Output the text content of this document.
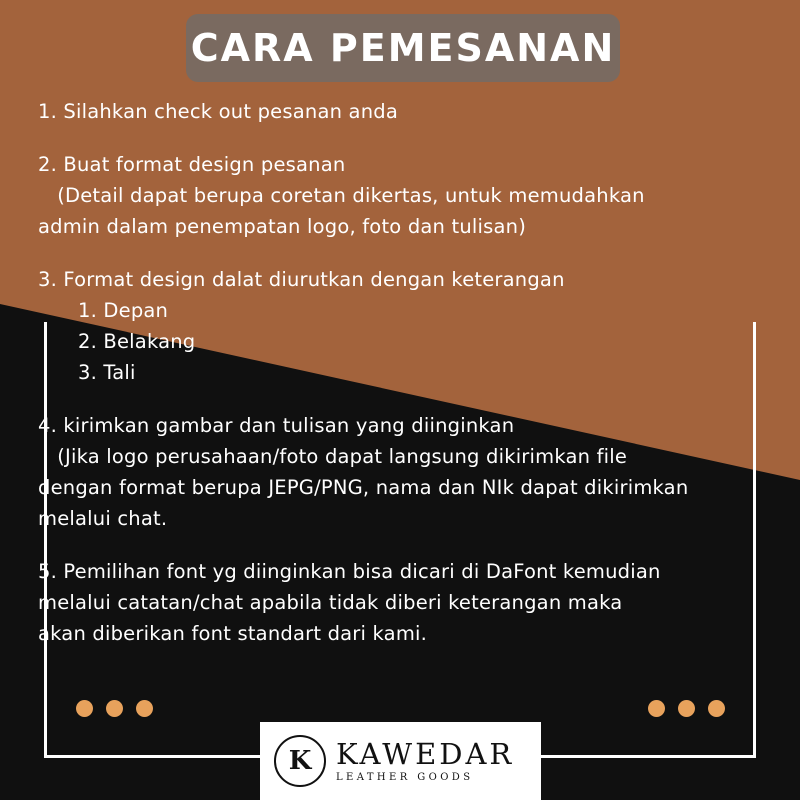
CARA PEMESANAN
1. Silahkan check out pesanan anda
2. Buat format design pesanan
(Detail dapat berupa coretan dikertas, untuk memudahkan
admin dalam penempatan logo, foto dan tulisan)
3. Format design dalat diurutkan dengan keterangan
1. Depan
2. Belakang
3. Tali
4. kirimkan gambar dan tulisan yang diinginkan
(Jika logo perusahaan/foto dapat langsung dikirimkan file
dengan format berupa JEPG/PNG, nama dan NIk dapat dikirimkan
melalui chat.
5. Pemilihan font yg diinginkan bisa dicari di DaFont kemudian
melalui catatan/chat apabila tidak diberi keterangan maka
akan diberikan font standart dari kami.
K KAWEDAR
LEATHER GOODS
